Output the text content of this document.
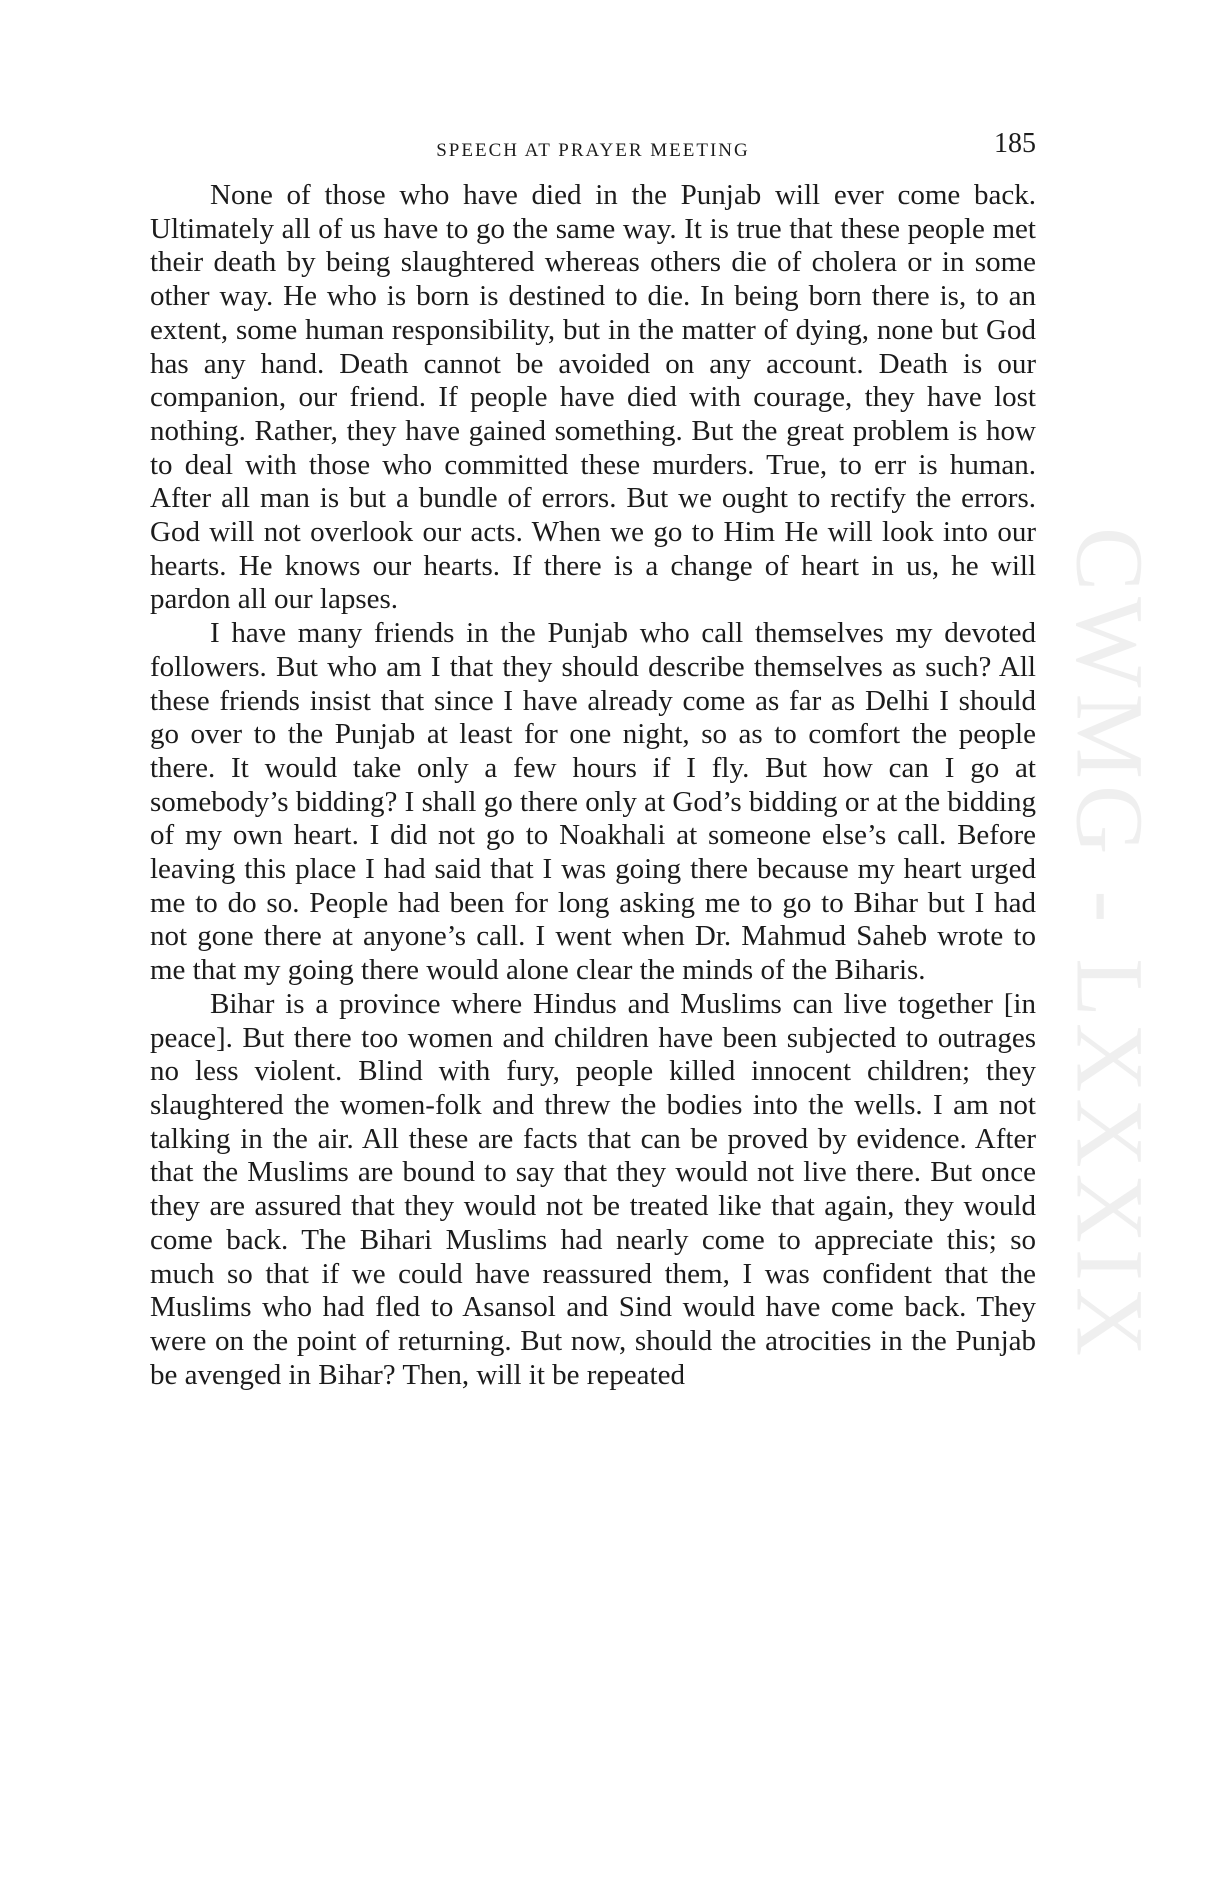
CWMG - LXXXIX
SPEECH AT PRAYER MEETING	185

None of those who have died in the Punjab will ever come back. Ultimately all of us have to go the same way. It is true that these people met their death by being slaughtered whereas others die of cholera or in some other way. He who is born is destined to die. In being born there is, to an extent, some human responsibility, but in the matter of dying, none but God has any hand. Death cannot be avoided on any account. Death is our companion, our friend. If people have died with courage, they have lost nothing. Rather, they have gained something. But the great problem is how to deal with those who committed these murders. True, to err is human. After all man is but a bundle of errors. But we ought to rectify the errors. God will not overlook our acts. When we go to Him He will look into our hearts. He knows our hearts. If there is a change of heart in us, he will pardon all our lapses.

I have many friends in the Punjab who call themselves my devoted followers. But who am I that they should describe themselves as such? All these friends insist that since I have already come as far as Delhi I should go over to the Punjab at least for one night, so as to comfort the people there. It would take only a few hours if I fly. But how can I go at somebody’s bidding? I shall go there only at God’s bidding or at the bidding of my own heart. I did not go to Noakhali at someone else’s call. Before leaving this place I had said that I was going there because my heart urged me to do so. People had been for long asking me to go to Bihar but I had not gone there at anyone’s call. I went when Dr. Mahmud Saheb wrote to me that my going there would alone clear the minds of the Biharis.

Bihar is a province where Hindus and Muslims can live together [in peace]. But there too women and children have been subjected to outrages no less violent. Blind with fury, people killed innocent children; they slaughtered the women-folk and threw the bodies into the wells. I am not talking in the air. All these are facts that can be proved by evidence. After that the Muslims are bound to say that they would not live there. But once they are assured that they would not be treated like that again, they would come back. The Bihari Muslims had nearly come to appreciate this; so much so that if we could have reassured them, I was confident that the Muslims who had fled to Asansol and Sind would have come back. They were on the point of returning. But now, should the atrocities in the Punjab be avenged in Bihar? Then, will it be repeated
